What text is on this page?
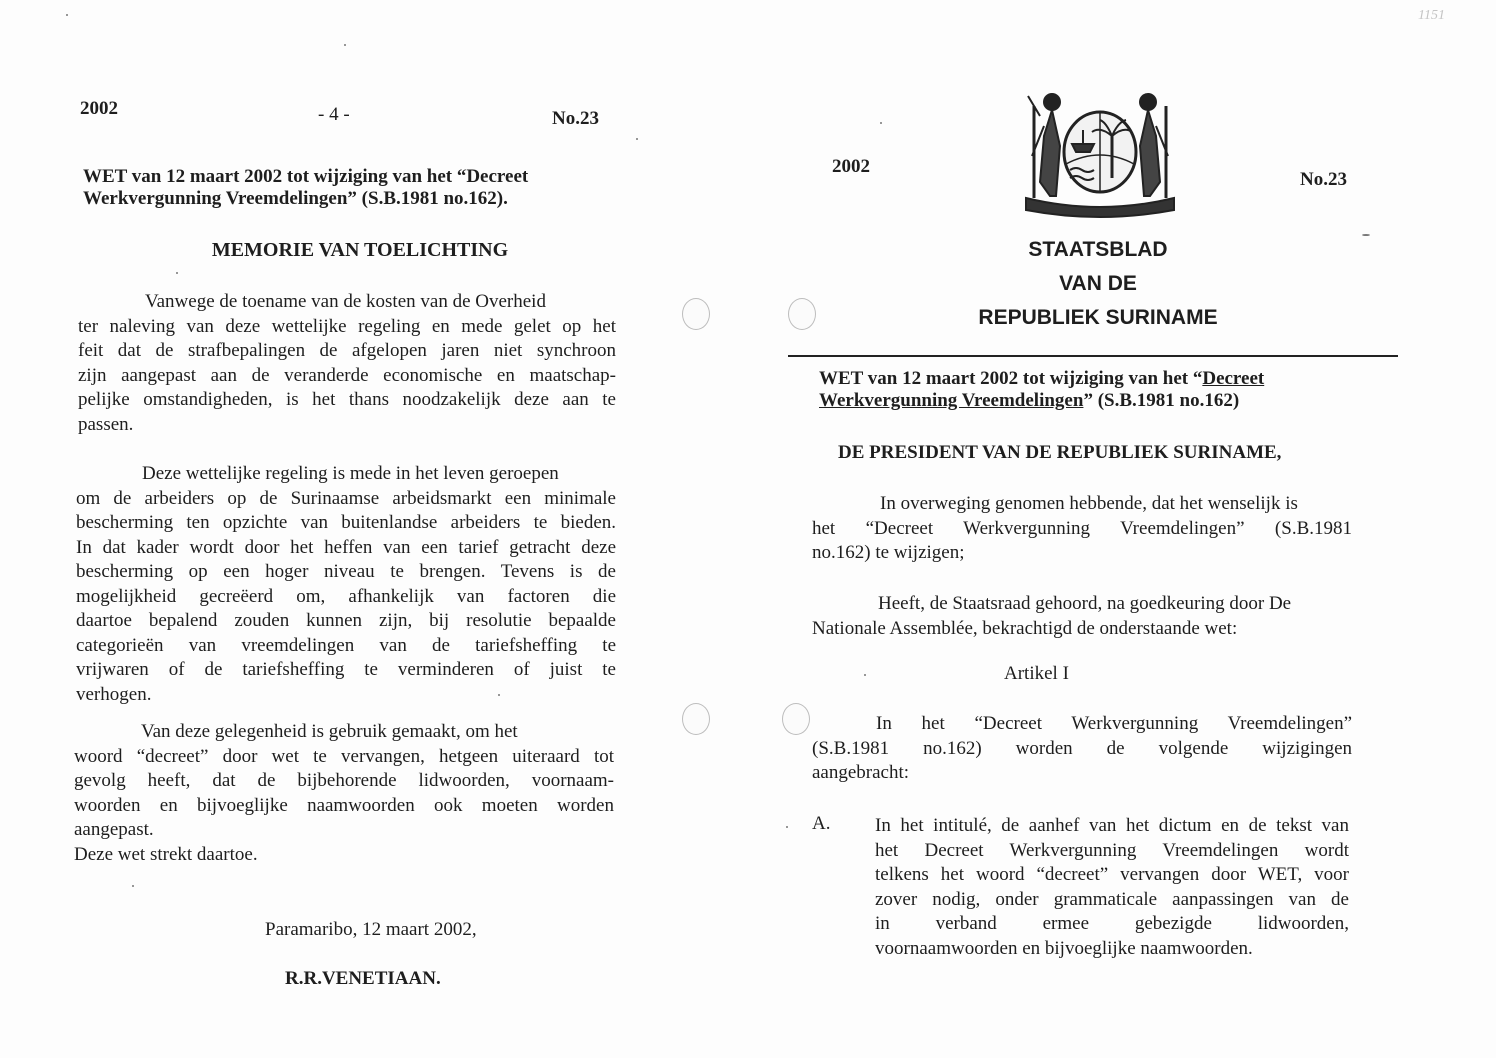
2002	- 4 -	No.23
WET van 12 maart 2002 tot wijziging van het “Decreet
Werkvergunning Vreemdelingen” (S.B.1981 no.162).
MEMORIE VAN TOELICHTING
Vanwege de toename van de kosten van de Overheid
ter naleving van deze wettelijke regeling en mede gelet op het
feit dat de strafbepalingen de afgelopen jaren niet synchroon
zijn aangepast aan de veranderde economische en maatschap-
pelijke omstandigheden, is het thans noodzakelijk deze aan te
passen.
Deze wettelijke regeling is mede in het leven geroepen
om de arbeiders op de Surinaamse arbeidsmarkt een minimale
bescherming ten opzichte van buitenlandse arbeiders te bieden.
In dat kader wordt door het heffen van een tarief getracht deze
bescherming op een hoger niveau te brengen. Tevens is de
mogelijkheid gecreëerd om, afhankelijk van factoren die
daartoe bepalend zouden kunnen zijn, bij resolutie bepaalde
categorieën van vreemdelingen van de tariefsheffing te
vrijwaren of de tariefsheffing te verminderen of juist te
verhogen.
Van deze gelegenheid is gebruik gemaakt, om het
woord “decreet” door wet te vervangen, hetgeen uiteraard tot
gevolg heeft, dat de bijbehorende lidwoorden, voornaam-
woorden en bijvoeglijke naamwoorden ook moeten worden
aangepast.
Deze wet strekt daartoe.
Paramaribo, 12 maart 2002,
R.R.VENETIAAN.
1151
2002
No.23
STAATSBLAD
VAN DE
REPUBLIEK SURINAME
WET van 12 maart 2002 tot wijziging van het “Decreet
Werkvergunning Vreemdelingen” (S.B.1981 no.162)
DE PRESIDENT VAN DE REPUBLIEK SURINAME,
In overweging genomen hebbende, dat het wenselijk is
het “Decreet Werkvergunning Vreemdelingen” (S.B.1981
no.162) te wijzigen;
Heeft, de Staatsraad gehoord, na goedkeuring door De
Nationale Assemblée, bekrachtigd de onderstaande wet:
Artikel I
In het “Decreet Werkvergunning Vreemdelingen”
(S.B.1981 no.162) worden de volgende wijzigingen
aangebracht:
A. In het intitulé, de aanhef van het dictum en de tekst van
het Decreet Werkvergunning Vreemdelingen wordt
telkens het woord “decreet” vervangen door WET, voor
zover nodig, onder grammaticale aanpassingen van de
in verband ermee gebezigde lidwoorden,
voornaamwoorden en bijvoeglijke naamwoorden.
